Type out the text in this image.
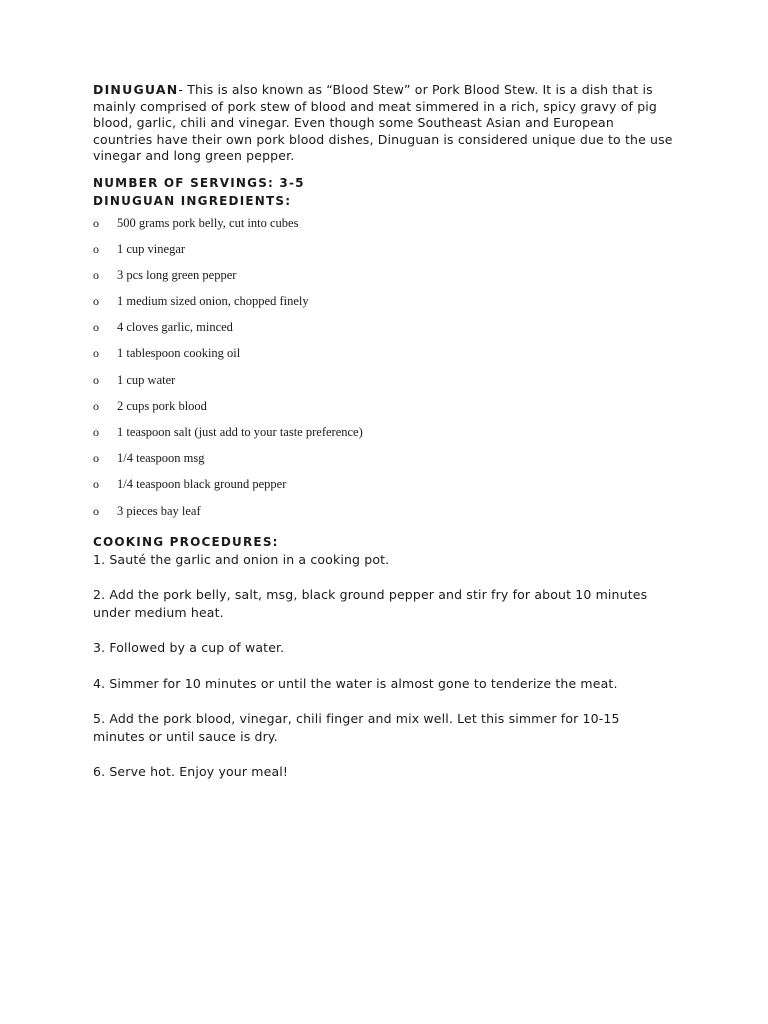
DINUGUAN- This is also known as “Blood Stew” or Pork Blood Stew. It is a dish that is mainly comprised of pork stew of blood and meat simmered in a rich, spicy gravy of pig blood, garlic, chili and vinegar. Even though some Southeast Asian and European countries have their own pork blood dishes, Dinuguan is considered unique due to the use vinegar and long green pepper.

NUMBER OF SERVINGS: 3-5

DINUGUAN INGREDIENTS:

o	500 grams pork belly, cut into cubes
o	1 cup vinegar
o	3 pcs long green pepper
o	1 medium sized onion, chopped finely
o	4 cloves garlic, minced
o	1 tablespoon cooking oil
o	1 cup water
o	2 cups pork blood
o	1 teaspoon salt (just add to your taste preference)
o	1/4 teaspoon msg
o	1/4 teaspoon black ground pepper
o	3 pieces bay leaf

COOKING PROCEDURES:

1. Sauté the garlic and onion in a cooking pot.

2. Add the pork belly, salt, msg, black ground pepper and stir fry for about 10 minutes under medium heat.

3. Followed by a cup of water.

4. Simmer for 10 minutes or until the water is almost gone to tenderize the meat.

5. Add the pork blood, vinegar, chili finger and mix well. Let this simmer for 10-15 minutes or until sauce is dry.

6. Serve hot. Enjoy your meal!
